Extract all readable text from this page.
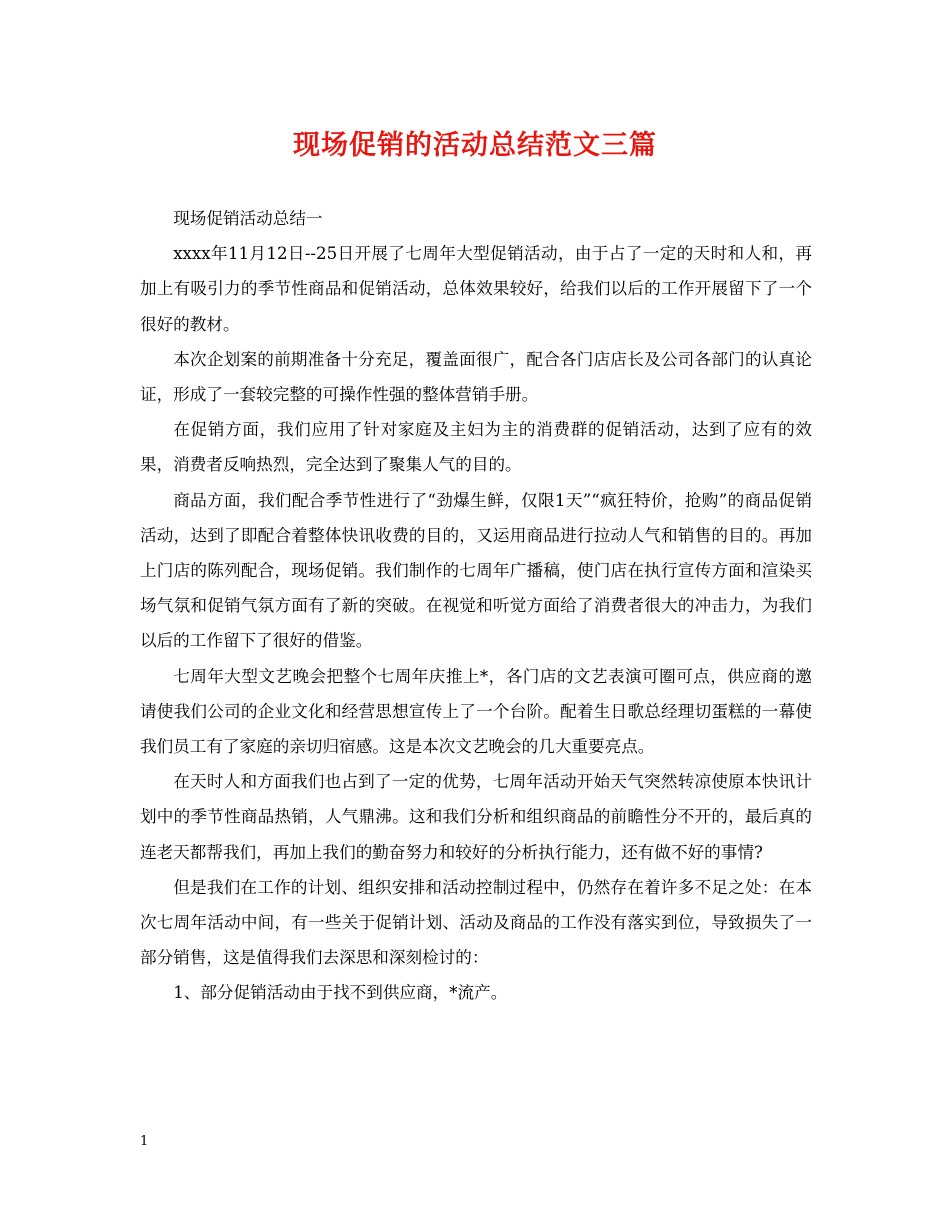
现场促销的活动总结范文三篇

现场促销活动总结一

xxxx年11月12日--25日开展了七周年大型促销活动，由于占了一定的天时和人和，再加上有吸引力的季节性商品和促销活动，总体效果较好，给我们以后的工作开展留下了一个很好的教材。

本次企划案的前期准备十分充足，覆盖面很广，配合各门店店长及公司各部门的认真论证，形成了一套较完整的可操作性强的整体营销手册。

在促销方面，我们应用了针对家庭及主妇为主的消费群的促销活动，达到了应有的效果，消费者反响热烈，完全达到了聚集人气的目的。

商品方面，我们配合季节性进行了“劲爆生鲜，仅限1天”“疯狂特价，抢购”的商品促销活动，达到了即配合着整体快讯收费的目的，又运用商品进行拉动人气和销售的目的。再加上门店的陈列配合，现场促销。我们制作的七周年广播稿，使门店在执行宣传方面和渲染买场气氛和促销气氛方面有了新的突破。在视觉和听觉方面给了消费者很大的冲击力，为我们以后的工作留下了很好的借鉴。

七周年大型文艺晚会把整个七周年庆推上*，各门店的文艺表演可圈可点，供应商的邀请使我们公司的企业文化和经营思想宣传上了一个台阶。配着生日歌总经理切蛋糕的一幕使我们员工有了家庭的亲切归宿感。这是本次文艺晚会的几大重要亮点。

在天时人和方面我们也占到了一定的优势，七周年活动开始天气突然转凉使原本快讯计划中的季节性商品热销，人气鼎沸。这和我们分析和组织商品的前瞻性分不开的，最后真的连老天都帮我们，再加上我们的勤奋努力和较好的分析执行能力，还有做不好的事情?

但是我们在工作的计划、组织安排和活动控制过程中，仍然存在着许多不足之处：在本次七周年活动中间，有一些关于促销计划、活动及商品的工作没有落实到位，导致损失了一部分销售，这是值得我们去深思和深刻检讨的：

1、部分促销活动由于找不到供应商，*流产。

1
